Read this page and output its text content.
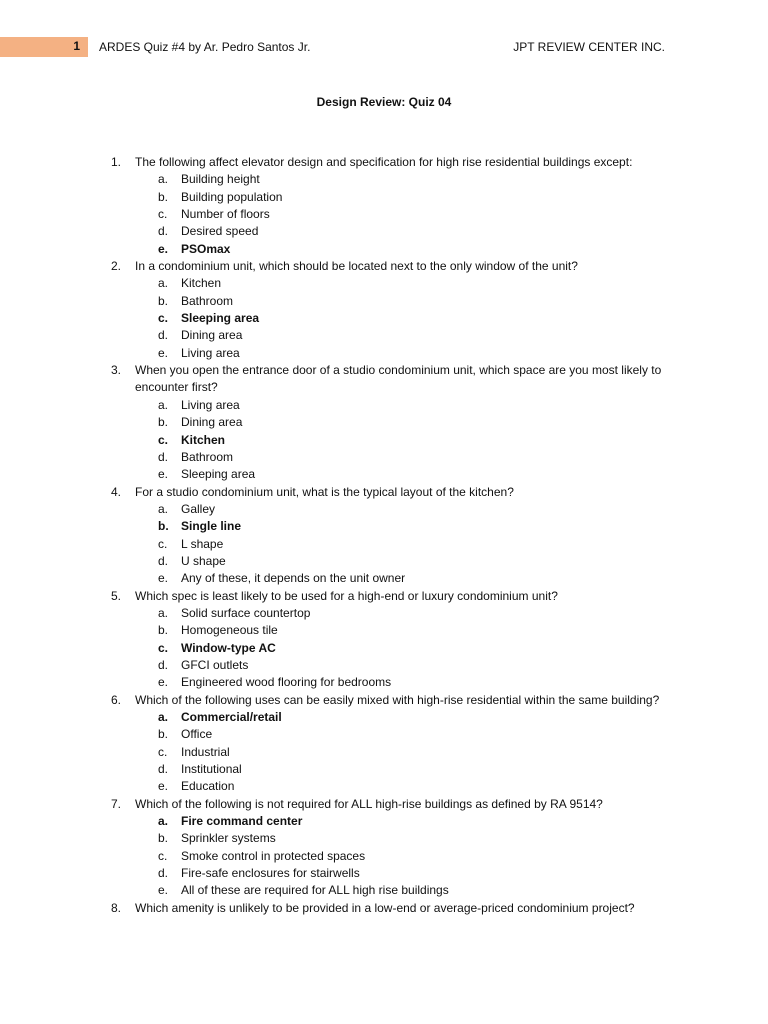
1 ARDES Quiz #4 by Ar. Pedro Santos Jr.	JPT REVIEW CENTER INC.
Design Review: Quiz 04
1. The following affect elevator design and specification for high rise residential buildings except:
a. Building height
b. Building population
c. Number of floors
d. Desired speed
e. PSOmax
2. In a condominium unit, which should be located next to the only window of the unit?
a. Kitchen
b. Bathroom
c. Sleeping area
d. Dining area
e. Living area
3. When you open the entrance door of a studio condominium unit, which space are you most likely to encounter first?
a. Living area
b. Dining area
c. Kitchen
d. Bathroom
e. Sleeping area
4. For a studio condominium unit, what is the typical layout of the kitchen?
a. Galley
b. Single line
c. L shape
d. U shape
e. Any of these, it depends on the unit owner
5. Which spec is least likely to be used for a high-end or luxury condominium unit?
a. Solid surface countertop
b. Homogeneous tile
c. Window-type AC
d. GFCI outlets
e. Engineered wood flooring for bedrooms
6. Which of the following uses can be easily mixed with high-rise residential within the same building?
a. Commercial/retail
b. Office
c. Industrial
d. Institutional
e. Education
7. Which of the following is not required for ALL high-rise buildings as defined by RA 9514?
a. Fire command center
b. Sprinkler systems
c. Smoke control in protected spaces
d. Fire-safe enclosures for stairwells
e. All of these are required for ALL high rise buildings
8. Which amenity is unlikely to be provided in a low-end or average-priced condominium project?
